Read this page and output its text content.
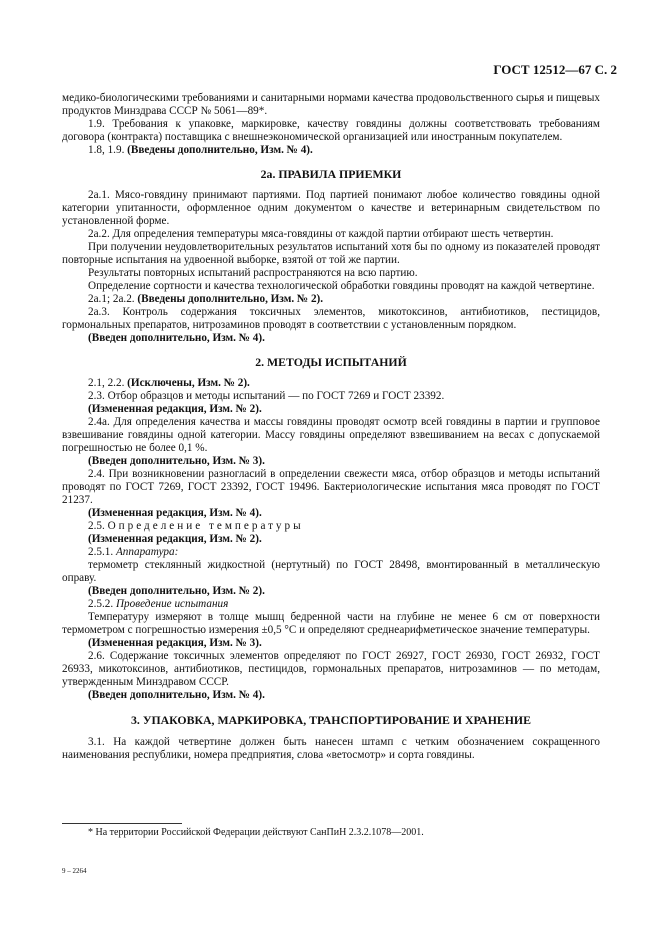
ГОСТ 12512—67 С. 2

медико-биологическими требованиями и санитарными нормами качества продовольственного сырья и пищевых продуктов Минздрава СССР № 5061—89*.

1.9. Требования к упаковке, маркировке, качеству говядины должны соответствовать требованиям договора (контракта) поставщика с внешнеэкономической организацией или иностранным покупателем.

1.8, 1.9. (Введены дополнительно, Изм. № 4).

2а. ПРАВИЛА ПРИЕМКИ

2а.1. Мясо-говядину принимают партиями. Под партией понимают любое количество говядины одной категории упитанности, оформленное одним документом о качестве и ветеринарным свидетельством по установленной форме.

2а.2. Для определения температуры мяса-говядины от каждой партии отбирают шесть четвертин.

При получении неудовлетворительных результатов испытаний хотя бы по одному из показателей проводят повторные испытания на удвоенной выборке, взятой от той же партии.

Результаты повторных испытаний распространяются на всю партию.

Определение сортности и качества технологической обработки говядины проводят на каждой четвертине.

2а.1; 2а.2. (Введены дополнительно, Изм. № 2).

2а.3. Контроль содержания токсичных элементов, микотоксинов, антибиотиков, пестицидов, гормональных препаратов, нитрозаминов проводят в соответствии с установленным порядком.

(Введен дополнительно, Изм. № 4).

2. МЕТОДЫ ИСПЫТАНИЙ

2.1, 2.2. (Исключены, Изм. № 2).

2.3. Отбор образцов и методы испытаний — по ГОСТ 7269 и ГОСТ 23392.

(Измененная редакция, Изм. № 2).

2.4а. Для определения качества и массы говядины проводят осмотр всей говядины в партии и групповое взвешивание говядины одной категории. Массу говядины определяют взвешиванием на весах с допускаемой погрешностью не более 0,1 %.

(Введен дополнительно, Изм. № 3).

2.4. При возникновении разногласий в определении свежести мяса, отбор образцов и методы испытаний проводят по ГОСТ 7269, ГОСТ 23392, ГОСТ 19496. Бактериологические испытания мяса проводят по ГОСТ 21237.

(Измененная редакция, Изм. № 4).

2.5. Определение температуры

(Измененная редакция, Изм. № 2).

2.5.1. Аппаратура:

термометр стеклянный жидкостной (нертутный) по ГОСТ 28498, вмонтированный в металлическую оправу.

(Введен дополнительно, Изм. № 2).

2.5.2. Проведение испытания

Температуру измеряют в толще мышц бедренной части на глубине не менее 6 см от поверхности термометром с погрешностью измерения ±0,5 °С и определяют среднеарифметическое значение температуры.

(Измененная редакция, Изм. № 3).

2.6. Содержание токсичных элементов определяют по ГОСТ 26927, ГОСТ 26930, ГОСТ 26932, ГОСТ 26933, микотоксинов, антибиотиков, пестицидов, гормональных препаратов, нитрозаминов — по методам, утвержденным Минздравом СССР.

(Введен дополнительно, Изм. № 4).

3. УПАКОВКА, МАРКИРОВКА, ТРАНСПОРТИРОВАНИЕ И ХРАНЕНИЕ

3.1. На каждой четвертине должен быть нанесен штамп с четким обозначением сокращенного наименования республики, номера предприятия, слова «ветосмотр» и сорта говядины.

* На территории Российской Федерации действуют СанПиН 2.3.2.1078—2001.
9 – 2264
